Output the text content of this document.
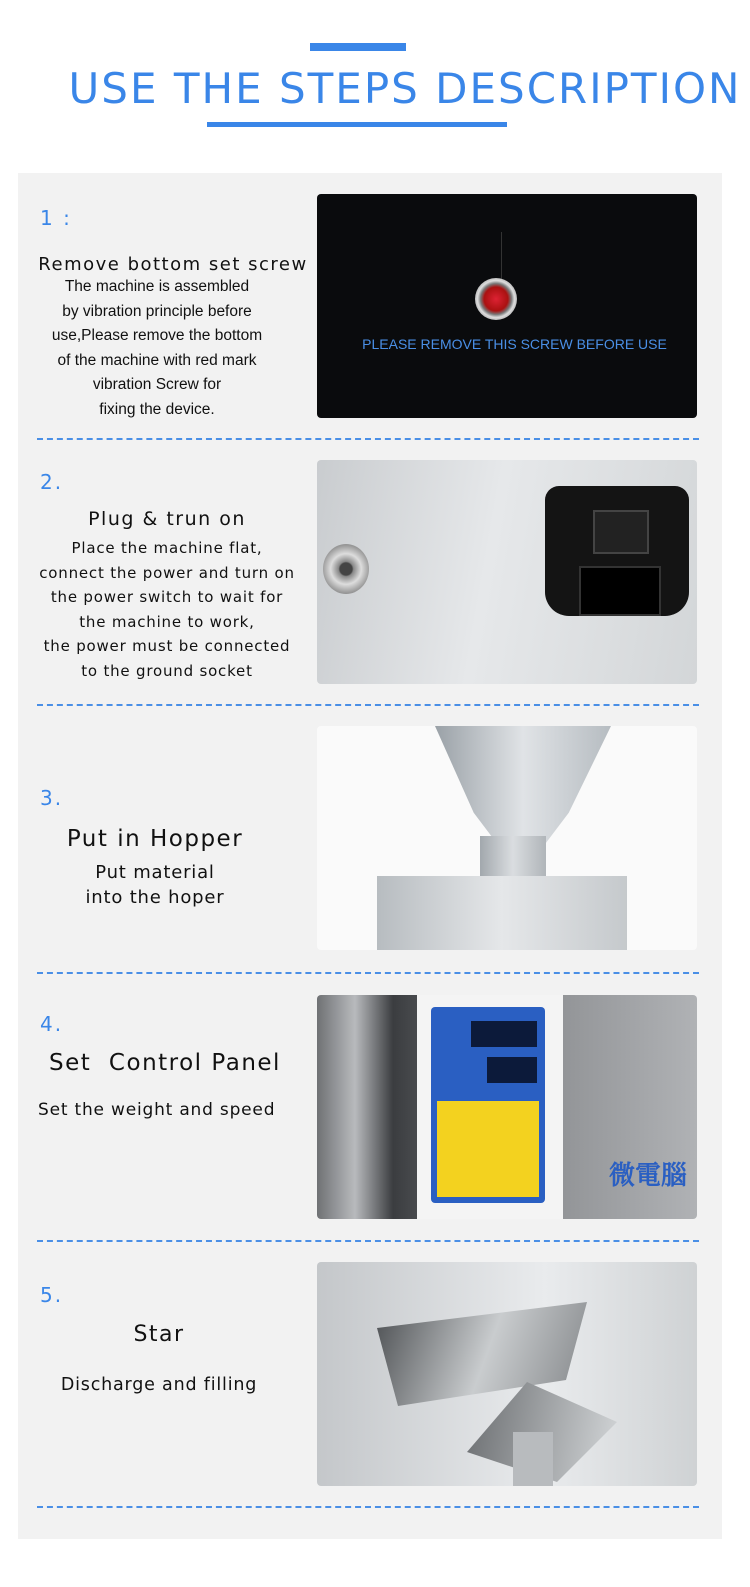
USE THE STEPS DESCRIPTION
1 :
Remove bottom set screw
The machine is assembled
by vibration principle before
use,Please remove the bottom
of the machine with red mark
vibration Screw for
fixing the device.
PLEASE REMOVE THIS SCREW BEFORE USE
2.
Plug & trun on
Place the machine flat,
connect the power and turn on
the power switch to wait for
the machine to work,
the power must be connected
to the ground socket
3.
Put in Hopper
Put material
into the hoper
4.
Set  Control Panel
Set the weight and speed
微電腦
5.
Star
Discharge and filling
